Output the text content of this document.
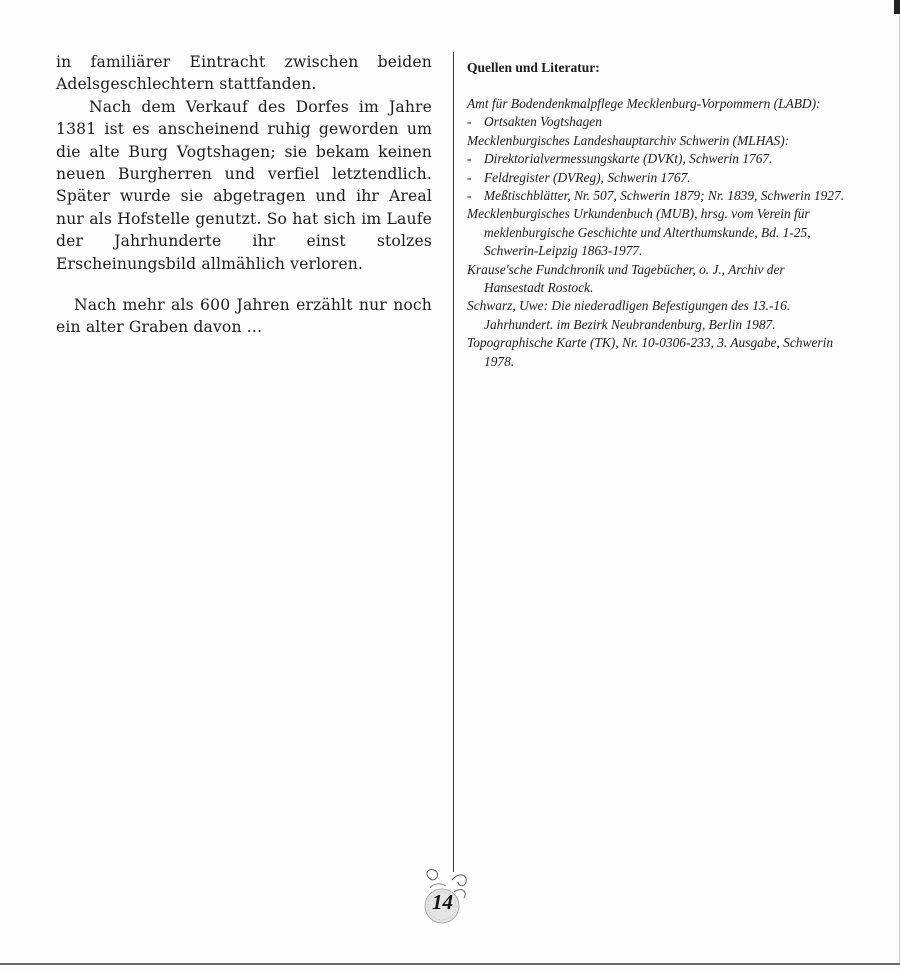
in familiärer Eintracht zwischen beiden Adelsgeschlechtern stattfanden.

Nach dem Verkauf des Dorfes im Jahre 1381 ist es anscheinend ruhig geworden um die alte Burg Vogtshagen; sie bekam keinen neuen Burgherren und verfiel letztendlich. Später wurde sie abgetragen und ihr Areal nur als Hofstelle genutzt. So hat sich im Laufe der Jahrhunderte ihr einst stolzes Erscheinungsbild allmählich verloren.

Nach mehr als 600 Jahren erzählt nur noch ein alter Graben davon ...

Quellen und Literatur:

Amt für Bodendenkmalpflege Mecklenburg-Vorpommern (LABD):

- Ortsakten Vogtshagen

Mecklenburgisches Landeshauptarchiv Schwerin (MLHAS):

- Direktorialvermessungskarte (DVKt), Schwerin 1767.
- Feldregister (DVReg), Schwerin 1767.
- Meßtischblätter, Nr. 507, Schwerin 1879; Nr. 1839, Schwerin 1927.

Mecklenburgisches Urkundenbuch (MUB), hrsg. vom Verein für meklenburgische Geschichte und Alterthumskunde, Bd. 1-25, Schwerin-Leipzig 1863-1977.

Krause'sche Fundchronik und Tagebücher, o. J., Archiv der Hansestadt Rostock.

Schwarz, Uwe: Die niederadligen Befestigungen des 13.-16. Jahrhundert. im Bezirk Neubrandenburg, Berlin 1987.

Topographische Karte (TK), Nr. 10-0306-233, 3. Ausgabe, Schwerin 1978.

14
